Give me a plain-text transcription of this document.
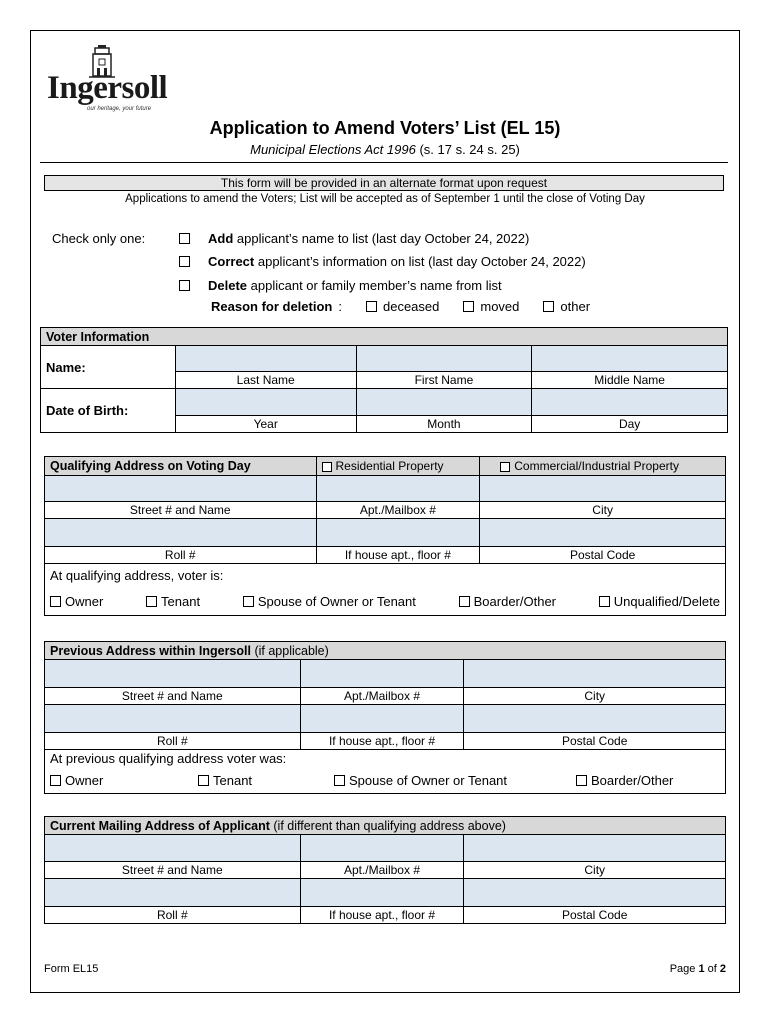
Ingersoll
our heritage, your future
Application to Amend Voters’ List (EL 15)
Municipal Elections Act 1996 (s. 17 s. 24 s. 25)
This form will be provided in an alternate format upon request
Applications to amend the Voters; List will be accepted as of September 1 until the close of Voting Day
Check only one:	Add applicant’s name to list (last day October 24, 2022)
Correct applicant’s information on list (last day October 24, 2022)
Delete applicant or family member’s name from list
Reason for deletion :	deceased	moved	other
Voter Information			
Name:			
	Last Name	First Name	Middle Name
Date of Birth:			
	Year	Month	Day
Qualifying Address on Voting Day	Residential Property	Commercial/Industrial Property

Street # and Name	Apt./Mailbox #	City

Roll #	If house apt., floor #	Postal Code
At qualifying address, voter is:		

Owner Tenant Spouse of Owner or Tenant Boarder/Other Unqualified/Delete		
Previous Address within Ingersoll (if applicable)		

Street # and Name	Apt./Mailbox #	City

Roll #	If house apt., floor #	Postal Code
At previous qualifying address voter was:		

Owner Tenant Spouse of Owner or Tenant Boarder/Other		
Current Mailing Address of Applicant (if different than qualifying address above)		

Street # and Name	Apt./Mailbox #	City

Roll #	If house apt., floor #	Postal Code
Form EL15	Page 1 of 2
